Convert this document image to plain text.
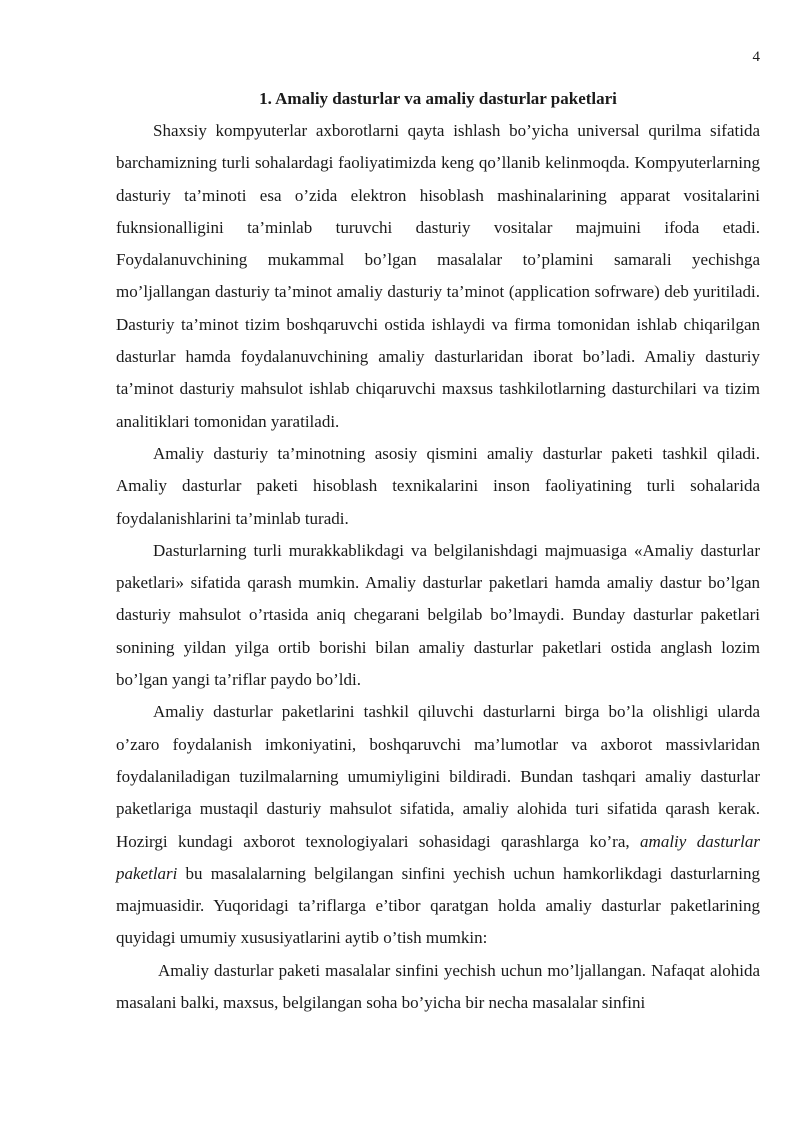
4
1. Amaliy dasturlar va amaliy dasturlar paketlari

Shaxsiy kompyuterlar axborotlarni qayta ishlash bo’yicha universal qurilma sifatida barchamizning turli sohalardagi faoliyatimizda keng qo’llanib kelinmoqda. Kompyuterlarning dasturiy ta’minoti esa o’zida elektron hisoblash mashinalarining apparat vositalarini fuknsionalligini ta’minlab turuvchi dasturiy vositalar majmuini ifoda etadi. Foydalanuvchining mukammal bo’lgan masalalar to’plamini samarali yechishga mo’ljallangan dasturiy ta’minot amaliy dasturiy ta’minot (application sofrware) deb yuritiladi. Dasturiy ta’minot tizim boshqaruvchi ostida ishlaydi va firma tomonidan ishlab chiqarilgan dasturlar hamda foydalanuvchining amaliy dasturlaridan iborat bo’ladi. Amaliy dasturiy ta’minot dasturiy mahsulot ishlab chiqaruvchi maxsus tashkilotlarning dasturchilari va tizim analitiklari tomonidan yaratiladi.

Amaliy dasturiy ta’minotning asosiy qismini amaliy dasturlar paketi tashkil qiladi. Amaliy dasturlar paketi hisoblash texnikalarini inson faoliyatining turli sohalarida foydalanishlarini ta’minlab turadi.

Dasturlarning turli murakkablikdagi va belgilanishdagi majmuasiga «Amaliy dasturlar paketlari» sifatida qarash mumkin. Amaliy dasturlar paketlari hamda amaliy dastur bo’lgan dasturiy mahsulot o’rtasida aniq chegarani belgilab bo’lmaydi. Bunday dasturlar paketlari sonining yildan yilga ortib borishi bilan amaliy dasturlar paketlari ostida anglash lozim bo’lgan yangi ta’riflar paydo bo’ldi.

Amaliy dasturlar paketlarini tashkil qiluvchi dasturlarni birga bo’la olishligi ularda o’zaro foydalanish imkoniyatini, boshqaruvchi ma’lumotlar va axborot massivlaridan foydalaniladigan tuzilmalarning umumiyligini bildiradi. Bundan tashqari amaliy dasturlar paketlariga mustaqil dasturiy mahsulot sifatida, amaliy alohida turi sifatida qarash kerak. Hozirgi kundagi axborot texnologiyalari sohasidagi qarashlarga ko’ra, amaliy dasturlar paketlari bu masalalarning belgilangan sinfini yechish uchun hamkorlikdagi dasturlarning majmuasidir. Yuqoridagi ta’riflarga e’tibor qaratgan holda amaliy dasturlar paketlarining quyidagi umumiy xususiyatlarini aytib o’tish mumkin:

Amaliy dasturlar paketi masalalar sinfini yechish uchun mo’ljallangan. Nafaqat alohida masalani balki, maxsus, belgilangan soha bo’yicha bir necha masalalar sinfini
